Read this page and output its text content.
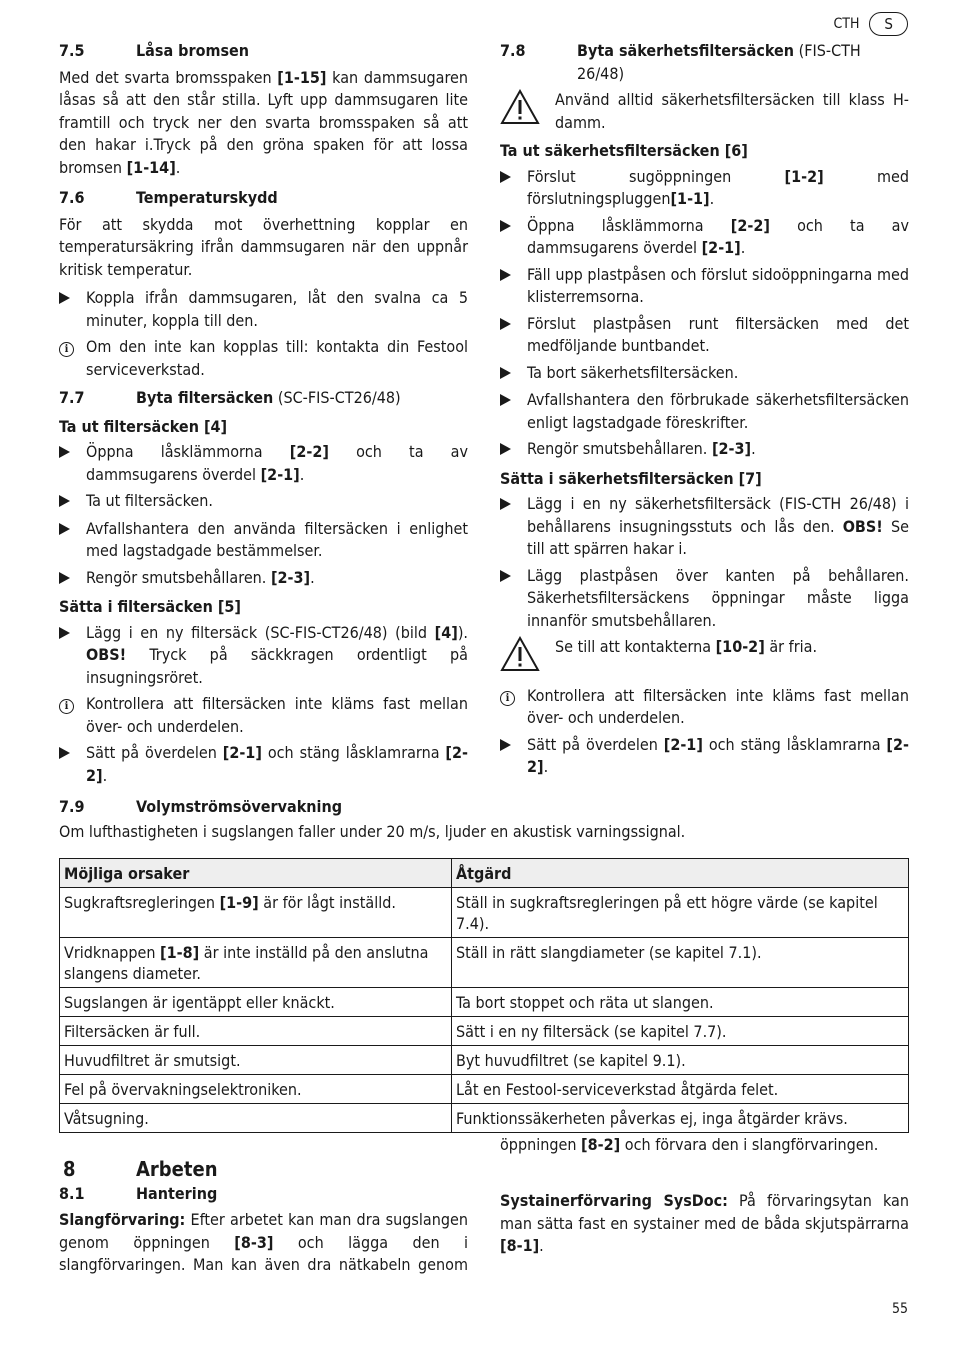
CTH	S
7.5	Låsa bromsen

Med det svarta bromsspaken [1-15] kan dammsugaren låsas så att den står stilla. Lyft upp dammsugaren lite framtill och tryck ner den svarta bromsspaken så att den hakar i.Tryck på den gröna spaken för att lossa bromsen [1-14].

7.6	Temperaturskydd

För att skydda mot överhettning kopplar en temperatursäkring ifrån dammsugaren när den uppnår kritisk temperatur.

Koppla ifrån dammsugaren, låt den svalna ca 5 minuter, koppla till den.
i	Om den inte kan kopplas till: kontakta din Festool serviceverkstad.
7.7	Byta filtersäcken (SC-FIS-CT26/48)
Ta ut filtersäcken [4]
Öppna låsklämmorna [2-2] och ta av dammsugarens överdel [2-1].
Ta ut filtersäcken.
Avfallshantera den använda filtersäcken i enlighet med lagstadgade bestämmelser.
Rengör smutsbehållaren. [2-3].
Sätta i filtersäcken [5]
Lägg i en ny filtersäck (SC-FIS-CT26/48) (bild [4]). OBS! Tryck på säckkragen ordentligt på insugningsröret.
i	Kontrollera att filtersäcken inte kläms fast mellan över- och underdelen.
Sätt på överdelen [2-1] och stäng låsklamrarna [2-2].
7.8	Byta säkerhetsfiltersäcken (FIS-CTH 26/48)
Använd alltid säkerhetsfiltersäcken till klass H-damm.
Ta ut säkerhetsfiltersäcken [6]
Förslut sugöppningen [1-2] med förslutningspluggen[1-1].
Öppna låsklämmorna [2-2] och ta av dammsugarens överdel [2-1].
Fäll upp plastpåsen och förslut sidoöppningarna med klisterremsorna.
Förslut plastpåsen runt filtersäcken med det medföljande buntbandet.
Ta bort säkerhetsfiltersäcken.
Avfallshantera den förbrukade säkerhetsfiltersäcken enligt lagstadgade föreskrifter.
Rengör smutsbehållaren. [2-3].
Sätta i säkerhetsfiltersäcken [7]
Lägg i en ny säkerhetsfiltersäck (FIS-CTH 26/48) i behållarens insugningsstuts och lås den. OBS! Se till att spärren hakar i.
Lägg plastpåsen över kanten på behållaren. Säkerhetsfiltersäckens öppningar måste ligga innanför smutsbehållaren.
Se till att kontakterna [10-2] är fria.
i	Kontrollera att filtersäcken inte kläms fast mellan över- och underdelen.
Sätt på överdelen [2-1] och stäng låsklamrarna [2-2].
7.9	Volymströmsövervakning

Om lufthastigheten i sugslangen faller under 20 m/s, ljuder en akustisk varningssignal.

Möjliga orsaker	Åtgärd
Sugkraftsregleringen [1-9] är för lågt inställd.	Ställ in sugkraftsregleringen på ett högre värde (se kapitel 7.4).
Vridknappen [1-8] är inte inställd på den anslutna slangens diameter.	Ställ in rätt slangdiameter (se kapitel 7.1).
Sugslangen är igentäppt eller knäckt.	Ta bort stoppet och räta ut slangen.
Filtersäcken är full.	Sätt i en ny filtersäck (se kapitel 7.7).
Huvudfiltret är smutsigt.	Byt huvudfiltret (se kapitel 9.1).
Fel på övervakningselektroniken.	Låt en Festool-serviceverkstad åtgärda felet.
Våtsugning.	Funktionssäkerheten påverkas ej, inga åtgärder krävs.
8	Arbeten
8.1	Hantering

Slangförvaring: Efter arbetet kan man dra sugslangen genom öppningen [8-3] och lägga den i slangförvaringen. Man kan även dra nätkabeln genom

öppningen [8-2] och förvara den i slangförvaringen.

Systainerförvaring SysDoc: På förvaringsytan kan man sätta fast en systainer med de båda skjutspärrarna [8-1].

55
